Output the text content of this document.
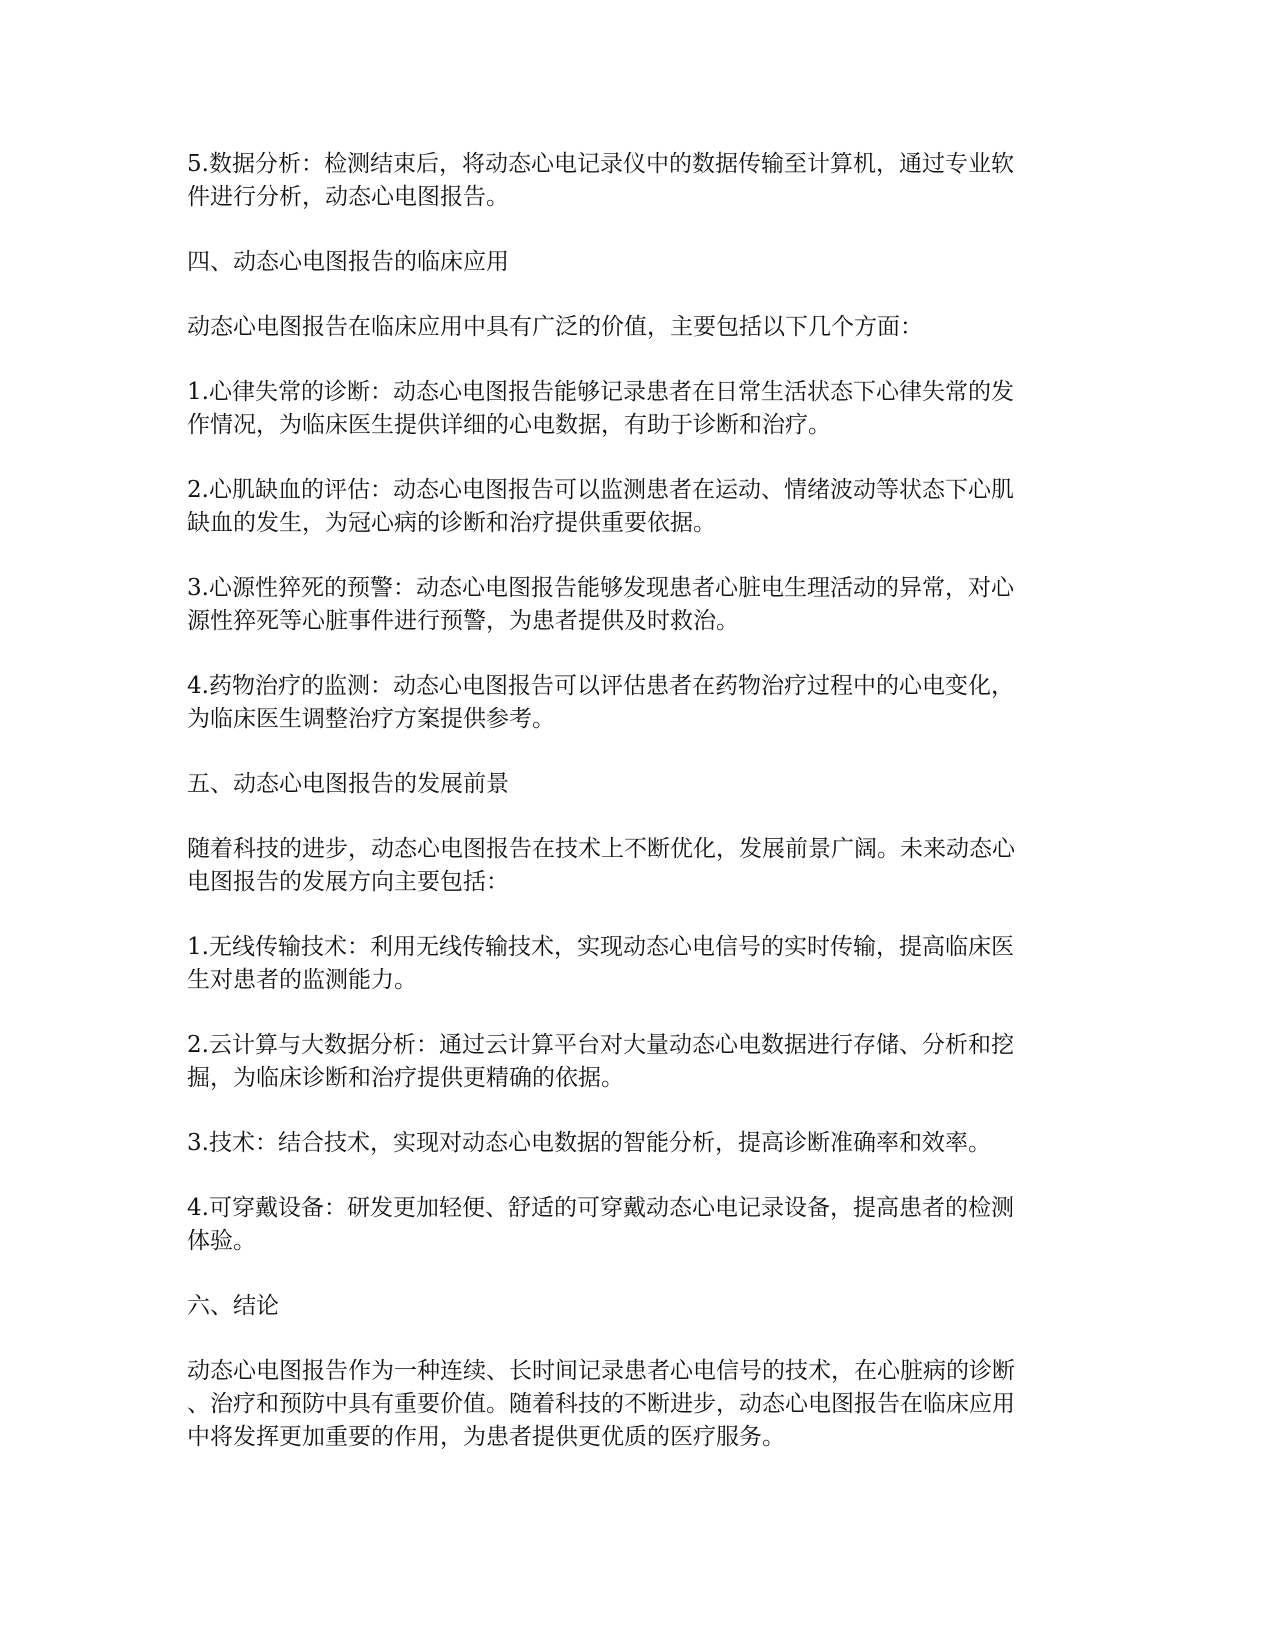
5.数据分析：检测结束后，将动态心电记录仪中的数据传输至计算机，通过专业软
件进行分析，动态心电图报告。
四、动态心电图报告的临床应用
动态心电图报告在临床应用中具有广泛的价值，主要包括以下几个方面：
1.心律失常的诊断：动态心电图报告能够记录患者在日常生活状态下心律失常的发
作情况，为临床医生提供详细的心电数据，有助于诊断和治疗。
2.心肌缺血的评估：动态心电图报告可以监测患者在运动、情绪波动等状态下心肌
缺血的发生，为冠心病的诊断和治疗提供重要依据。
3.心源性猝死的预警：动态心电图报告能够发现患者心脏电生理活动的异常，对心
源性猝死等心脏事件进行预警，为患者提供及时救治。
4.药物治疗的监测：动态心电图报告可以评估患者在药物治疗过程中的心电变化，
为临床医生调整治疗方案提供参考。
五、动态心电图报告的发展前景
随着科技的进步，动态心电图报告在技术上不断优化，发展前景广阔。未来动态心
电图报告的发展方向主要包括：
1.无线传输技术：利用无线传输技术，实现动态心电信号的实时传输，提高临床医
生对患者的监测能力。
2.云计算与大数据分析：通过云计算平台对大量动态心电数据进行存储、分析和挖
掘，为临床诊断和治疗提供更精确的依据。
3.技术：结合技术，实现对动态心电数据的智能分析，提高诊断准确率和效率。
4.可穿戴设备：研发更加轻便、舒适的可穿戴动态心电记录设备，提高患者的检测
体验。
六、结论
动态心电图报告作为一种连续、长时间记录患者心电信号的技术，在心脏病的诊断
、治疗和预防中具有重要价值。随着科技的不断进步，动态心电图报告在临床应用
中将发挥更加重要的作用，为患者提供更优质的医疗服务。
